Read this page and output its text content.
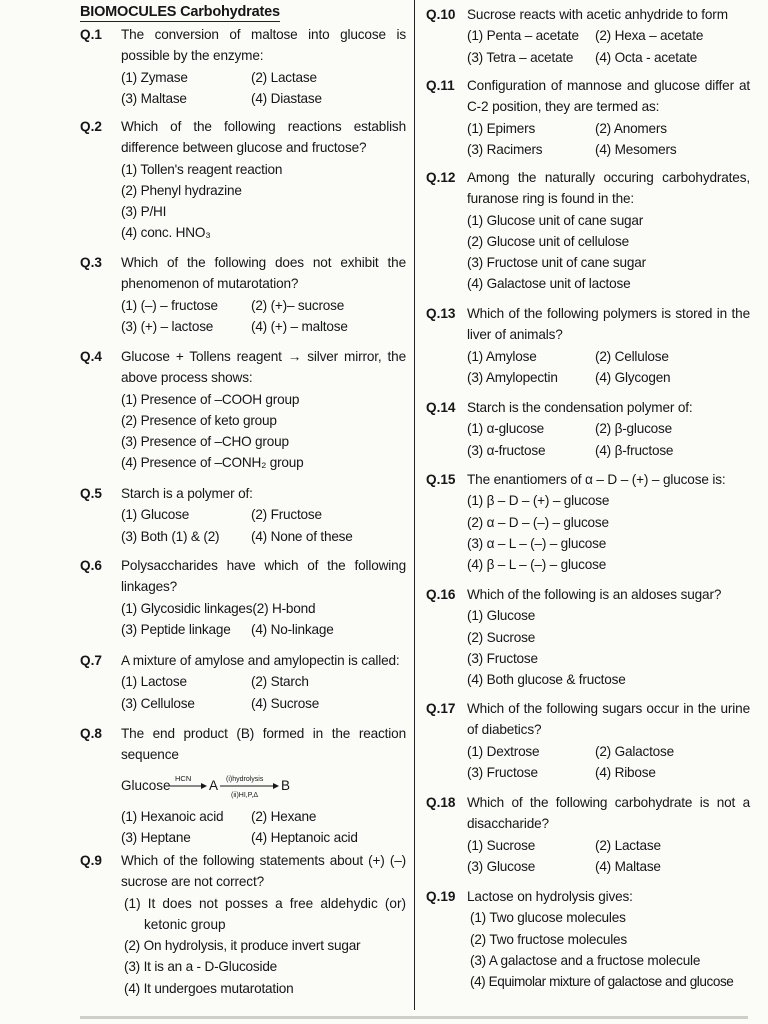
BIOMOCULES Carbohydrates
Q.1 The conversion of maltose into glucose is possible by the enzyme:
(1) Zymase	(2) Lactase
(3) Maltase	(4) Diastase
Q.2 Which of the following reactions establish difference between glucose and fructose?
(1) Tollen's reagent reaction
(2) Phenyl hydrazine
(3) P/HI
(4) conc. HNO₃
Q.3 Which of the following does not exhibit the phenomenon of mutarotation?
(1) (–) – fructose	(2) (+)– sucrose
(3) (+) – lactose	(4) (+) – maltose
Q.4 Glucose + Tollens reagent → silver mirror, the above process shows:
(1) Presence of –COOH group
(2) Presence of keto group
(3) Presence of –CHO group
(4) Presence of –CONH₂ group
Q.5 Starch is a polymer of:
(1) Glucose	(2) Fructose
(3) Both (1) & (2)	(4) None of these
Q.6 Polysaccharides have which of the following linkages?
(1) Glycosidic linkages(2) H-bond
(3) Peptide linkage	(4) No-linkage
Q.7 A mixture of amylose and amylopectin is called:
(1) Lactose	(2) Starch
(3) Cellulose	(4) Sucrose
Q.8 The end product (B) formed in the reaction sequence
Glucose HCN A (i)hydrolysis
(ii)HI,P,Δ
B
(1) Hexanoic acid	(2) Hexane
(3) Heptane	(4) Heptanoic acid
Q.9 Which of the following statements about (+) (–) sucrose are not correct?
(1) It does not posses a free aldehydic (or) ketonic group
(2) On hydrolysis, it produce invert sugar
(3) It is an a - D-Glucoside
(4) It undergoes mutarotation
Q.10 Sucrose reacts with acetic anhydride to form
(1) Penta – acetate	(2) Hexa – acetate
(3) Tetra – acetate	(4) Octa - acetate
Q.11 Configuration of mannose and glucose differ at C-2 position, they are termed as:
(1) Epimers	(2) Anomers
(3) Racimers	(4) Mesomers
Q.12 Among the naturally occuring carbohydrates, furanose ring is found in the:
(1) Glucose unit of cane sugar
(2) Glucose unit of cellulose
(3) Fructose unit of cane sugar
(4) Galactose unit of lactose
Q.13 Which of the following polymers is stored in the liver of animals?
(1) Amylose	(2) Cellulose
(3) Amylopectin	(4) Glycogen
Q.14 Starch is the condensation polymer of:
(1) α-glucose	(2) β-glucose
(3) α-fructose	(4) β-fructose
Q.15 The enantiomers of α – D – (+) – glucose is:
(1) β – D – (+) – glucose
(2) α – D – (–) – glucose
(3) α – L – (–) – glucose
(4) β – L – (–) – glucose
Q.16 Which of the following is an aldoses sugar?
(1) Glucose
(2) Sucrose
(3) Fructose
(4) Both glucose & fructose
Q.17 Which of the following sugars occur in the urine of diabetics?
(1) Dextrose	(2) Galactose
(3) Fructose	(4) Ribose
Q.18 Which of the following carbohydrate is not a disaccharide?
(1) Sucrose	(2) Lactase
(3) Glucose	(4) Maltase
Q.19 Lactose on hydrolysis gives:
(1) Two glucose molecules
(2) Two fructose molecules
(3) A galactose and a fructose molecule
(4) Equimolar mixture of galactose and glucose
